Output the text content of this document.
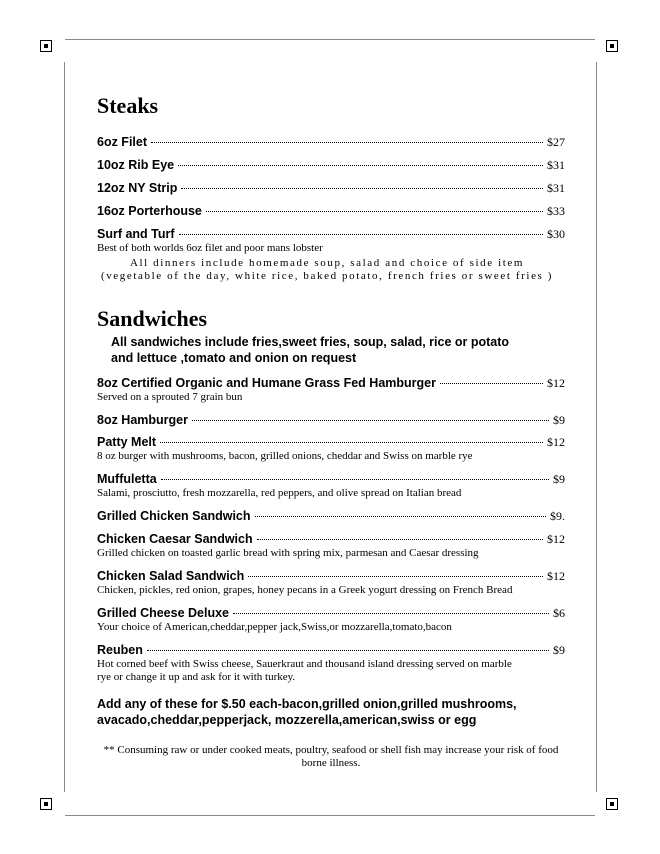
Steaks
6oz Filet	$27
10oz Rib Eye	$31
12oz NY Strip	$31
16oz Porterhouse	$33
Surf and Turf	$30
Best of both worlds 6oz filet and poor mans lobster
All dinners include homemade soup, salad and choice of side item (vegetable of the day, white rice, baked potato, french fries or sweet fries )
Sandwiches
All sandwiches include fries,sweet fries, soup, salad, rice or potato and lettuce ,tomato and onion on request
8oz Certified Organic and Humane Grass Fed Hamburger	$12
Served on a sprouted 7 grain bun
8oz Hamburger	$9
Patty Melt	$12
8 oz burger with mushrooms, bacon, grilled onions, cheddar and Swiss on marble rye
Muffuletta	$9
Salami, prosciutto, fresh mozzarella, red peppers, and olive spread on Italian bread
Grilled Chicken Sandwich	$9.
Chicken Caesar Sandwich	$12
Grilled chicken on toasted garlic bread with spring mix, parmesan and Caesar dressing
Chicken Salad Sandwich	$12
Chicken, pickles, red onion, grapes, honey pecans in a Greek yogurt dressing on French Bread
Grilled Cheese Deluxe	$6
Your choice of American,cheddar,pepper jack,Swiss,or mozzarella,tomato,bacon
Reuben	$9
Hot corned beef with Swiss cheese, Sauerkraut and thousand island dressing served on marble rye or change it up and ask for it with turkey.
Add any of these for $.50 each-bacon,grilled onion,grilled mushrooms, avacado,cheddar,pepperjack, mozzerella,american,swiss or egg
** Consuming raw or under cooked meats, poultry, seafood or shell fish may increase your risk of food borne illness.
